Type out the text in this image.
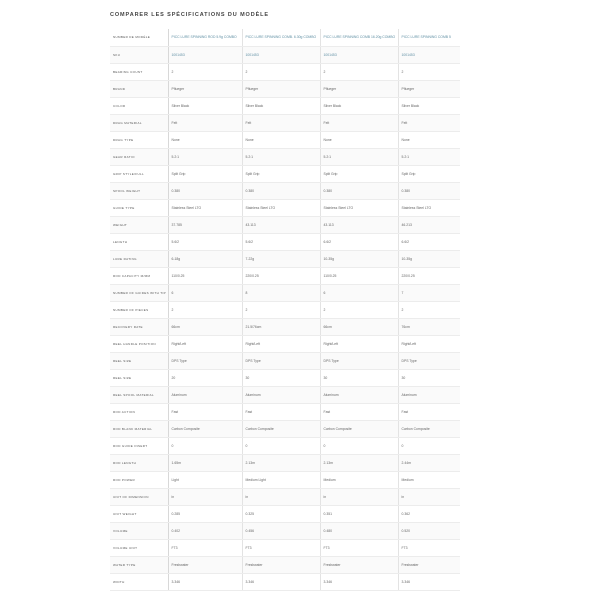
COMPARER LES SPÉCIFICATIONS DU MODÈLE
NUMBER DE MODÈLE	PICC LURE SPINNING ROD 5.9g COMBO	PICC LURE SPINNING COMB. 6.30g COMBO	PICC LURE SPINNING COMB 16.20g COMBO	PICC LURE SPINNING COMB 5
SKU	1001453	1001453	1001453	1001453
BEARING COUNT	2	2	2	2
BRAND	Pflueger	Pflueger	Pflueger	Pflueger
COLOR	Silver Black	Silver Black	Silver Black	Silver Black
DRAG MATERIAL	Felt	Felt	Felt	Felt
DRAG TYPE	None	None	None	None
GEAR RATIO	5.2:1	5.2:1	5.2:1	5.2:1
GRIP STYLE/FULL	Split Grip	Split Grip	Split Grip	Split Grip
SPOOL WEIGHT	0.380	0.380	0.380	0.380
GUIDE TYPE	Stainless Steel LTO	Stainless Steel LTO	Stainless Steel LTO	Stainless Steel LTO
WEIGHT	37.785	43.113	43.113	46.213
LENGTH	5.6/2	5.6/2	6.6/2	6.6/2
LURE RATING	6-18g	7-22g	10-35g	10-35g
ROD CAPACITY M/MM	110/0.25	220/0.25	110/0.25	220/0.25
NUMBER OF GUIDES WITH TIP	6	8	6	7
NUMBER OF PIECES	2	2	2	2
RECOVERY RATE	66cm	21.5/76cm	66cm	76cm
REEL HANDLE POSITION	Right/Left	Right/Left	Right/Left	Right/Left
REEL SIZE	DPS Type	DPS Type	DPS Type	DPS Type
REEL SIZE	20	30	30	30
REEL SPOOL MATERIAL	Aluminum	Aluminum	Aluminum	Aluminum
ROD ACTION	Fast	Fast	Fast	Fast
ROD BLANK MATERIAL	Carbon Composite	Carbon Composite	Carbon Composite	Carbon Composite
ROD GUIDE INSERT	0	0	0	0
ROD LENGTH	1.65m	2.13m	2.13m	2.44m
ROD POWER	Light	Medium Light	Medium	Medium
UNIT OF DIMENSION	in	in	in	in
UNIT WEIGHT	0.285	0.325	0.351	0.362
VOLUME	0.402	0.456	0.480	0.520
VOLUME UNIT	FT3	FT3	FT3	FT3
WATER TYPE	Freshwater	Freshwater	Freshwater	Freshwater
WIDTH	3.346	3.346	3.346	3.346
